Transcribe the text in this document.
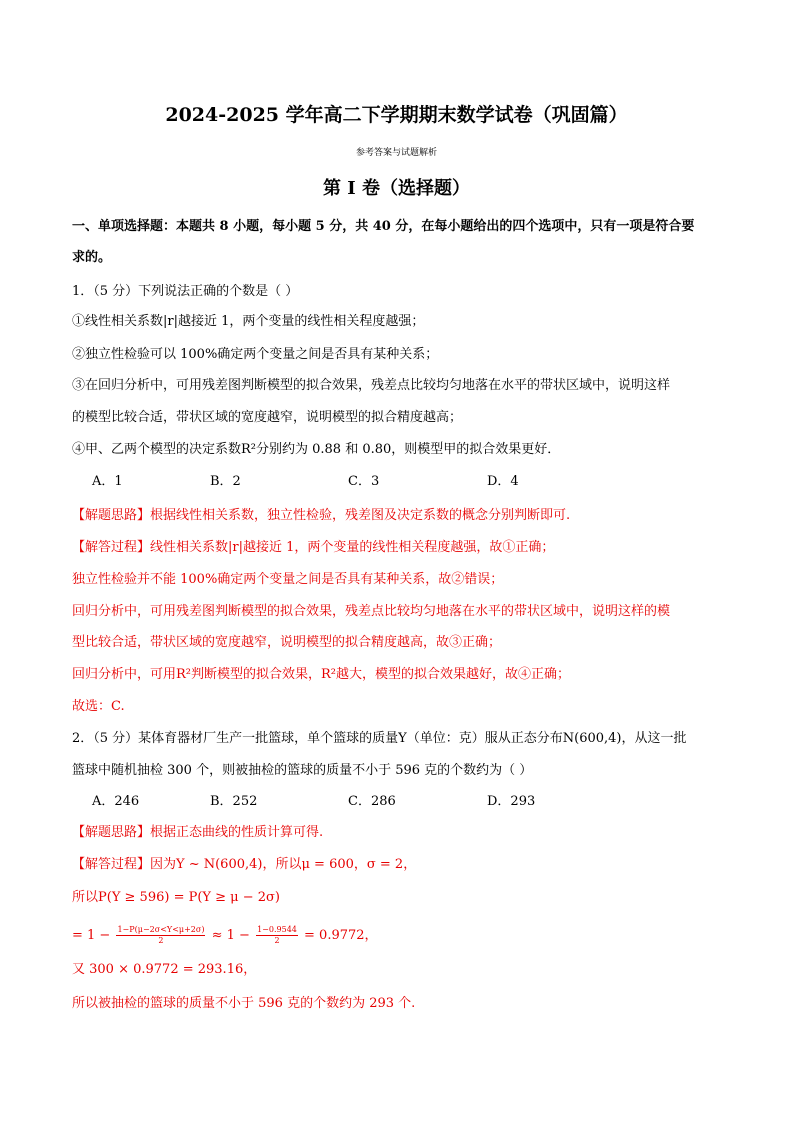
2024-2025 学年高二下学期期末数学试卷（巩固篇）
参考答案与试题解析
第 I 卷（选择题）
一、单项选择题：本题共 8 小题，每小题 5 分，共 40 分，在每小题给出的四个选项中，只有一项是符合要
求的。
1．（5 分）下列说法正确的个数是（ ）
①线性相关系数|r|越接近 1，两个变量的线性相关程度越强；
②独立性检验可以 100%确定两个变量之间是否具有某种关系；
③在回归分析中，可用残差图判断模型的拟合效果，残差点比较均匀地落在水平的带状区域中，说明这样
的模型比较合适，带状区域的宽度越窄，说明模型的拟合精度越高；
④甲、乙两个模型的决定系数R²分别约为 0.88 和 0.80，则模型甲的拟合效果更好．
A．1	B．2	C．3	D．4
【解题思路】根据线性相关系数，独立性检验，残差图及决定系数的概念分别判断即可.
【解答过程】线性相关系数|r|越接近 1，两个变量的线性相关程度越强，故①正确；
独立性检验并不能 100%确定两个变量之间是否具有某种关系，故②错误；
回归分析中，可用残差图判断模型的拟合效果，残差点比较均匀地落在水平的带状区域中，说明这样的模
型比较合适，带状区域的宽度越窄，说明模型的拟合精度越高，故③正确；
回归分析中，可用R²判断模型的拟合效果，R²越大，模型的拟合效果越好，故④正确；
故选：C.
2．（5 分）某体育器材厂生产一批篮球，单个篮球的质量Y（单位：克）服从正态分布N(600,4)，从这一批
篮球中随机抽检 300 个，则被抽检的篮球的质量不小于 596 克的个数约为（ ）
A．246	B．252	C．286	D．293
【解题思路】根据正态曲线的性质计算可得.
【解答过程】因为Y ~ N(600,4)，所以μ = 600，σ = 2，
所以P(Y ≥ 596) = P(Y ≥ μ − 2σ)
= $1 - \frac{1-P(\mu-2\sigma<Y<\mu+2\sigma)}{2} \approx 1 - \frac{1-0.9544}{2} = 0.9772$，
又 300 × 0.9772 = 293.16，
所以被抽检的篮球的质量不小于 596 克的个数约为 293 个.
